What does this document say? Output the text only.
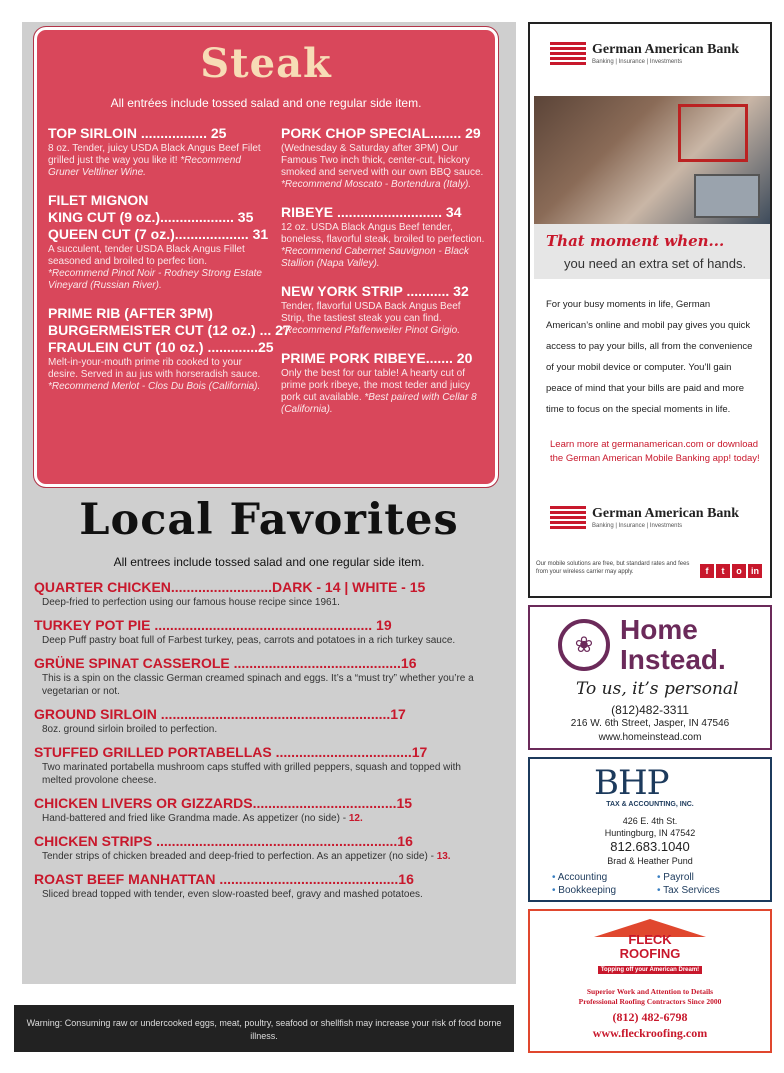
Steak
All entrées include tossed salad and one regular side item.
TOP SIRLOIN ................. 25
8 oz. Tender, juicy USDA Black Angus Beef Filet grilled just the way you like it! *Recommend Gruner Veltliner Wine.
FILET MIGNON
KING CUT (9 oz.)................... 35
QUEEN CUT (7 oz.)................... 31
A succulent, tender USDA Black Angus Fillet seasoned and broiled to perfec tion. *Recommend Pinot Noir - Rodney Strong Estate Vineyard (Russian River).
PRIME RIB (AFTER 3PM)
BURGERMEISTER CUT (12 oz.) ... 27
FRAULEIN CUT (10 oz.) .............25
Melt-in-your-mouth prime rib cooked to your desire. Served in au jus with horseradish sauce. *Recommend Merlot - Clos Du Bois (California).
PORK CHOP SPECIAL........ 29
(Wednesday & Saturday after 3PM) Our Famous Two inch thick, center-cut, hickory smoked and served with our own BBQ sauce. *Recommend Moscato - Bortendura (Italy).
RIBEYE ........................... 34
12 oz. USDA Black Angus Beef tender, boneless, flavorful steak, broiled to perfection. *Recommend Cabernet Sauvignon - Black Stallion (Napa Valley).
NEW YORK STRIP ........... 32
Tender, flavorful USDA Back Angus Beef Strip, the tastiest steak you can find. *Recommend Pfaffenweiler Pinot Grigio.
PRIME PORK RIBEYE....... 20
Only the best for our table! A hearty cut of prime pork ribeye, the most teder and juicy pork cut available. *Best paired with Cellar 8 (California).
Local Favorites
All entrees include tossed salad and one regular side item.
QUARTER CHICKEN..........................DARK - 14 | WHITE - 15
Deep-fried to perfection using our famous house recipe since 1961.
TURKEY POT PIE ........................................................ 19
Deep Puff pastry boat full of Farbest turkey, peas, carrots and potatoes in a rich turkey sauce.
GRÜNE SPINAT CASSEROLE ...........................................16
This is a spin on the classic German creamed spinach and eggs. It’s a “must try” whether you’re a vegetarian or not.
GROUND SIRLOIN ...........................................................17
8oz. ground sirloin broiled to perfection.
STUFFED GRILLED PORTABELLAS ...................................17
Two marinated portabella mushroom caps stuffed with grilled peppers, squash and topped with melted provolone cheese.
CHICKEN LIVERS OR GIZZARDS.....................................15
Hand-battered and fried like Grandma made. As appetizer (no side) - 12.
CHICKEN STRIPS ..............................................................16
Tender strips of chicken breaded and deep-fried to perfection. As an appetizer (no side) - 13.
ROAST BEEF MANHATTAN ..............................................16
Sliced bread topped with tender, even slow-roasted beef, gravy and mashed potatoes.
Warning: Consuming raw or undercooked eggs, meat, poultry, seafood or shellfish may increase your risk of food borne illness.
German American Bank
Banking | Insurance | Investments
That moment when...
you need an extra set of hands.
For your busy moments in life, German American’s online and mobil pay gives you quick access to pay your bills, all from the convenience of your mobil device or computer. You’ll gain peace of mind that your bills are paid and more time to focus on the special moments in life.
Learn more at germanamerican.com or download the German American Mobile Banking app! today!
German American Bank
Banking | Insurance | Investments
Our mobile solutions are free, but standard rates and fees from your wireless carrier may apply.	f	t	o	in
❀ Home
Instead.
To us, it’s personal
(812)482-3311
216 W. 6th Street, Jasper, IN 47546
www.homeinstead.com
BHP
TAX & ACCOUNTING, INC.
426 E. 4th St.
Huntingburg, IN 47542
812.683.1040
Brad & Heather Pund
• Accounting	• Payroll
• Bookkeeping	• Tax Services
FLECK
ROOFING
Topping off your American Dream!
Superior Work and Attention to Details
Professional Roofing Contractors Since 2000
(812) 482-6798
www.fleckroofing.com
